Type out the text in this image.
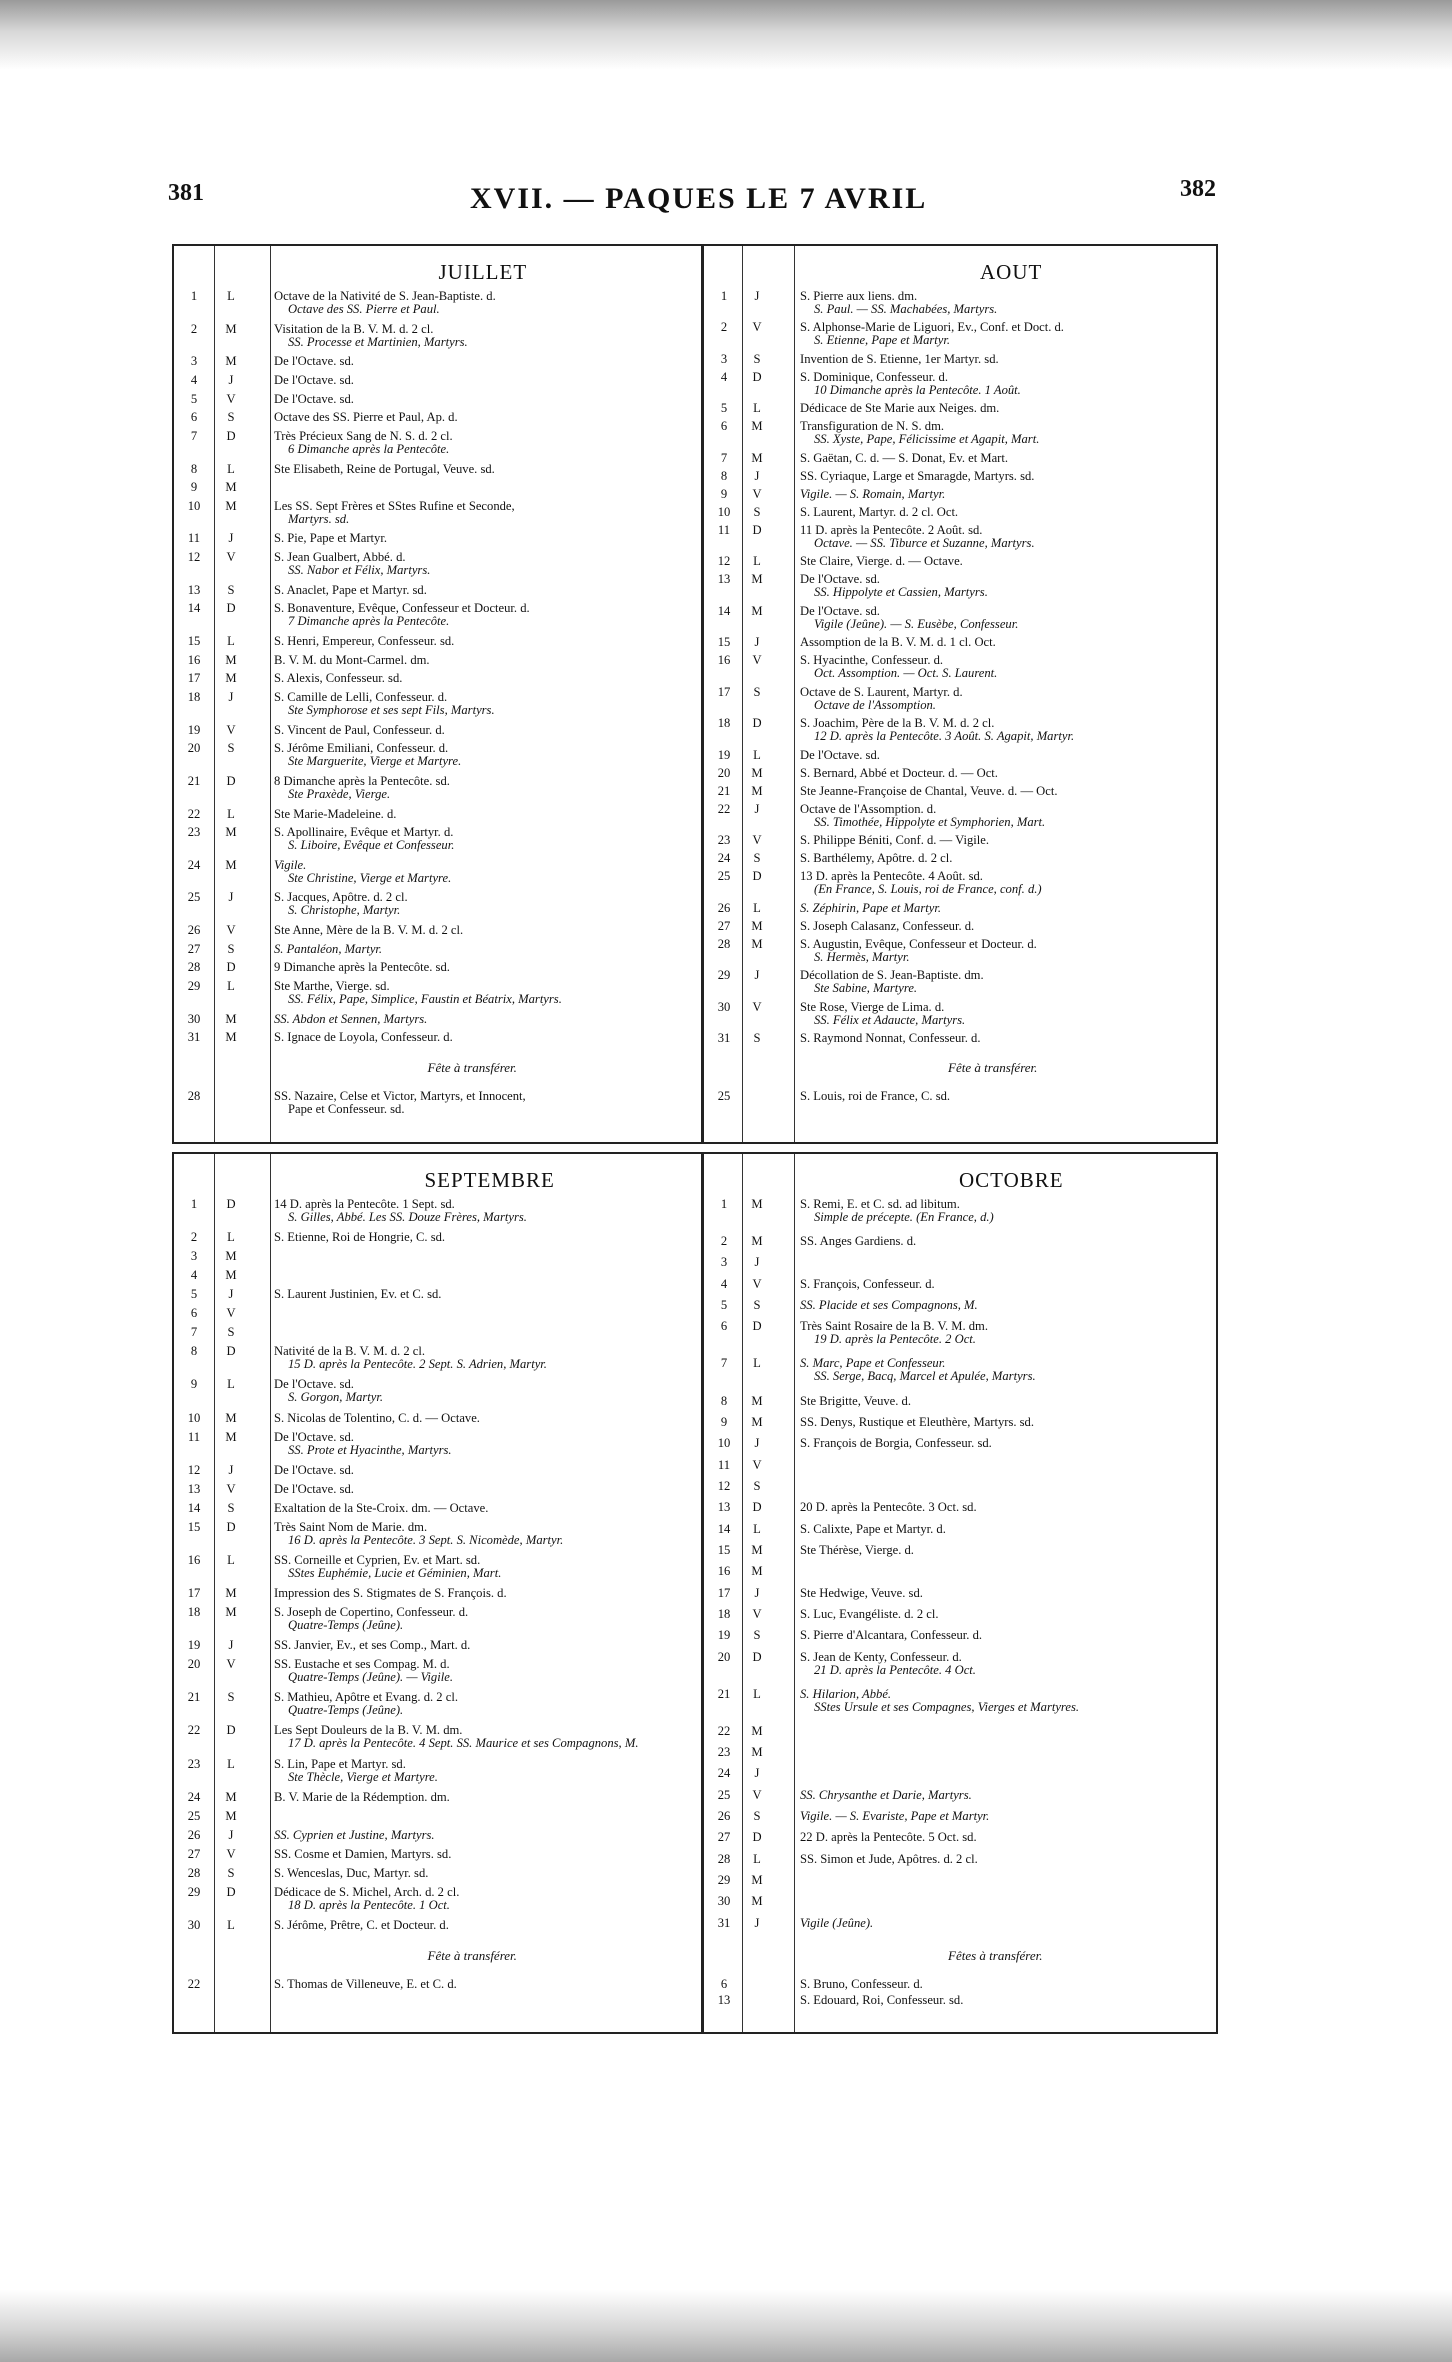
381	XVII. — PAQUES LE 7 AVRIL	382
JUILLET
1	L	Octave de la Nativité de S. Jean-Baptiste. d.
Octave des SS. Pierre et Paul.
2	M	Visitation de la B. V. M. d. 2 cl.
SS. Processe et Martinien, Martyrs.
3	M	De l'Octave. sd.
4	J	De l'Octave. sd.
5	V	De l'Octave. sd.
6	S	Octave des SS. Pierre et Paul, Ap. d.
7	D	Très Précieux Sang de N. S. d. 2 cl.
6 Dimanche après la Pentecôte.
8	L	Ste Elisabeth, Reine de Portugal, Veuve. sd.
9	M
10	M	Les SS. Sept Frères et SStes Rufine et Seconde,
Martyrs. sd.
11	J	S. Pie, Pape et Martyr.
12	V	S. Jean Gualbert, Abbé. d.
SS. Nabor et Félix, Martyrs.
13	S	S. Anaclet, Pape et Martyr. sd.
14	D	S. Bonaventure, Evêque, Confesseur et Docteur. d.
7 Dimanche après la Pentecôte.
15	L	S. Henri, Empereur, Confesseur. sd.
16	M	B. V. M. du Mont-Carmel. dm.
17	M	S. Alexis, Confesseur. sd.
18	J	S. Camille de Lelli, Confesseur. d.
Ste Symphorose et ses sept Fils, Martyrs.
19	V	S. Vincent de Paul, Confesseur. d.
20	S	S. Jérôme Emiliani, Confesseur. d.
Ste Marguerite, Vierge et Martyre.
21	D	8 Dimanche après la Pentecôte. sd.
Ste Praxède, Vierge.
22	L	Ste Marie-Madeleine. d.
23	M	S. Apollinaire, Evêque et Martyr. d.
S. Liboire, Evêque et Confesseur.
24	M	Vigile.
Ste Christine, Vierge et Martyre.
25	J	S. Jacques, Apôtre. d. 2 cl.
S. Christophe, Martyr.
26	V	Ste Anne, Mère de la B. V. M. d. 2 cl.
27	S	S. Pantaléon, Martyr.
28	D	9 Dimanche après la Pentecôte. sd.
29	L	Ste Marthe, Vierge. sd.
SS. Félix, Pape, Simplice, Faustin et Béatrix, Martyrs.
30	M	SS. Abdon et Sennen, Martyrs.
31	M	S. Ignace de Loyola, Confesseur. d.
Fête à transférer.
28	SS. Nazaire, Celse et Victor, Martyrs, et Innocent,
Pape et Confesseur. sd.
AOUT
1	J	S. Pierre aux liens. dm.
S. Paul. — SS. Machabées, Martyrs.
2	V	S. Alphonse-Marie de Liguori, Ev., Conf. et Doct. d.
S. Etienne, Pape et Martyr.
3	S	Invention de S. Etienne, 1er Martyr. sd.
4	D	S. Dominique, Confesseur. d.
10 Dimanche après la Pentecôte. 1 Août.
5	L	Dédicace de Ste Marie aux Neiges. dm.
6	M	Transfiguration de N. S. dm.
SS. Xyste, Pape, Félicissime et Agapit, Mart.
7	M	S. Gaëtan, C. d. — S. Donat, Ev. et Mart.
8	J	SS. Cyriaque, Large et Smaragde, Martyrs. sd.
9	V	Vigile. — S. Romain, Martyr.
10	S	S. Laurent, Martyr. d. 2 cl. Oct.
11	D	11 D. après la Pentecôte. 2 Août. sd.
Octave. — SS. Tiburce et Suzanne, Martyrs.
12	L	Ste Claire, Vierge. d. — Octave.
13	M	De l'Octave. sd.
SS. Hippolyte et Cassien, Martyrs.
14	M	De l'Octave. sd.
Vigile (Jeûne). — S. Eusèbe, Confesseur.
15	J	Assomption de la B. V. M. d. 1 cl. Oct.
16	V	S. Hyacinthe, Confesseur. d.
Oct. Assomption. — Oct. S. Laurent.
17	S	Octave de S. Laurent, Martyr. d.
Octave de l'Assomption.
18	D	S. Joachim, Père de la B. V. M. d. 2 cl.
12 D. après la Pentecôte. 3 Août. S. Agapit, Martyr.
19	L	De l'Octave. sd.
20	M	S. Bernard, Abbé et Docteur. d. — Oct.
21	M	Ste Jeanne-Françoise de Chantal, Veuve. d. — Oct.
22	J	Octave de l'Assomption. d.
SS. Timothée, Hippolyte et Symphorien, Mart.
23	V	S. Philippe Béniti, Conf. d. — Vigile.
24	S	S. Barthélemy, Apôtre. d. 2 cl.
25	D	13 D. après la Pentecôte. 4 Août. sd.
(En France, S. Louis, roi de France, conf. d.)
26	L	S. Zéphirin, Pape et Martyr.
27	M	S. Joseph Calasanz, Confesseur. d.
28	M	S. Augustin, Evêque, Confesseur et Docteur. d.
S. Hermès, Martyr.
29	J	Décollation de S. Jean-Baptiste. dm.
Ste Sabine, Martyre.
30	V	Ste Rose, Vierge de Lima. d.
SS. Félix et Adaucte, Martyrs.
31	S	S. Raymond Nonnat, Confesseur. d.
Fête à transférer.
25	S. Louis, roi de France, C. sd.
SEPTEMBRE
1	D	14 D. après la Pentecôte. 1 Sept. sd.
S. Gilles, Abbé. Les SS. Douze Frères, Martyrs.
2	L	S. Etienne, Roi de Hongrie, C. sd.
3	M
4	M
5	J	S. Laurent Justinien, Ev. et C. sd.
6	V
7	S
8	D	Nativité de la B. V. M. d. 2 cl.
15 D. après la Pentecôte. 2 Sept. S. Adrien, Martyr.
9	L	De l'Octave. sd.
S. Gorgon, Martyr.
10	M	S. Nicolas de Tolentino, C. d. — Octave.
11	M	De l'Octave. sd.
SS. Prote et Hyacinthe, Martyrs.
12	J	De l'Octave. sd.
13	V	De l'Octave. sd.
14	S	Exaltation de la Ste-Croix. dm. — Octave.
15	D	Très Saint Nom de Marie. dm.
16 D. après la Pentecôte. 3 Sept. S. Nicomède, Martyr.
16	L	SS. Corneille et Cyprien, Ev. et Mart. sd.
SStes Euphémie, Lucie et Géminien, Mart.
17	M	Impression des S. Stigmates de S. François. d.
18	M	S. Joseph de Copertino, Confesseur. d.
Quatre-Temps (Jeûne).
19	J	SS. Janvier, Ev., et ses Comp., Mart. d.
20	V	SS. Eustache et ses Compag. M. d.
Quatre-Temps (Jeûne). — Vigile.
21	S	S. Mathieu, Apôtre et Evang. d. 2 cl.
Quatre-Temps (Jeûne).
22	D	Les Sept Douleurs de la B. V. M. dm.
17 D. après la Pentecôte. 4 Sept. SS. Maurice et ses Compagnons, M.
23	L	S. Lin, Pape et Martyr. sd.
Ste Thècle, Vierge et Martyre.
24	M	B. V. Marie de la Rédemption. dm.
25	M
26	J	SS. Cyprien et Justine, Martyrs.
27	V	SS. Cosme et Damien, Martyrs. sd.
28	S	S. Wenceslas, Duc, Martyr. sd.
29	D	Dédicace de S. Michel, Arch. d. 2 cl.
18 D. après la Pentecôte. 1 Oct.
30	L	S. Jérôme, Prêtre, C. et Docteur. d.
Fête à transférer.
22	S. Thomas de Villeneuve, E. et C. d.
OCTOBRE
1	M	S. Remi, E. et C. sd. ad libitum.
Simple de précepte. (En France, d.)
2	M	SS. Anges Gardiens. d.
3	J
4	V	S. François, Confesseur. d.
5	S	SS. Placide et ses Compagnons, M.
6	D	Très Saint Rosaire de la B. V. M. dm.
19 D. après la Pentecôte. 2 Oct.
7	L	S. Marc, Pape et Confesseur.
SS. Serge, Bacq, Marcel et Apulée, Martyrs.
8	M	Ste Brigitte, Veuve. d.
9	M	SS. Denys, Rustique et Eleuthère, Martyrs. sd.
10	J	S. François de Borgia, Confesseur. sd.
11	V
12	S
13	D	20 D. après la Pentecôte. 3 Oct. sd.
14	L	S. Calixte, Pape et Martyr. d.
15	M	Ste Thérèse, Vierge. d.
16	M
17	J	Ste Hedwige, Veuve. sd.
18	V	S. Luc, Evangéliste. d. 2 cl.
19	S	S. Pierre d'Alcantara, Confesseur. d.
20	D	S. Jean de Kenty, Confesseur. d.
21 D. après la Pentecôte. 4 Oct.
21	L	S. Hilarion, Abbé.
SStes Ursule et ses Compagnes, Vierges et Martyres.
22	M
23	M
24	J
25	V	SS. Chrysanthe et Darie, Martyrs.
26	S	Vigile. — S. Evariste, Pape et Martyr.
27	D	22 D. après la Pentecôte. 5 Oct. sd.
28	L	SS. Simon et Jude, Apôtres. d. 2 cl.
29	M
30	M
31	J	Vigile (Jeûne).
Fêtes à transférer.
6	S. Bruno, Confesseur. d.
13	S. Edouard, Roi, Confesseur. sd.
